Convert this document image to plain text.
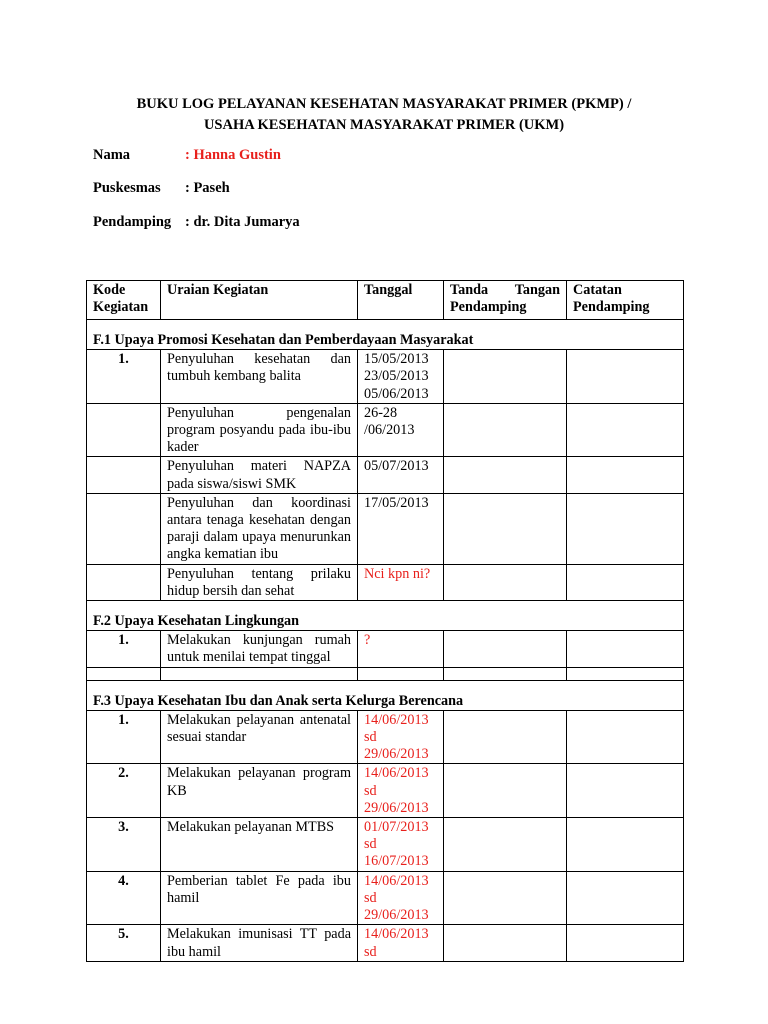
BUKU LOG PELAYANAN KESEHATAN MASYARAKAT PRIMER (PKMP) /
USAHA KESEHATAN MASYARAKAT PRIMER (UKM)
Nama	: Hanna Gustin
Puskesmas : Paseh
Pendamping : dr. Dita Jumarya
Kode Kegiatan	Uraian Kegiatan	Tanggal	Tanda Tangan Pendamping	Catatan Pendamping
F.1 Upaya Promosi Kesehatan dan Pemberdayaan Masyarakat				
1.	Penyuluhan kesehatan dan tumbuh kembang balita	15/05/2013
23/05/2013
05/06/2013		
	Penyuluhan pengenalan program posyandu pada ibu-ibu kader	26-28
/06/2013		
	Penyuluhan materi NAPZA pada siswa/siswi SMK	05/07/2013		
	Penyuluhan dan koordinasi antara tenaga kesehatan dengan paraji dalam upaya menurunkan angka kematian ibu	17/05/2013		
	Penyuluhan tentang prilaku hidup bersih dan sehat	Nci kpn ni?		
F.2 Upaya Kesehatan Lingkungan				
1.	Melakukan kunjungan rumah untuk menilai tempat tinggal	?		

F.3 Upaya Kesehatan Ibu dan Anak serta Kelurga Berencana				
1.	Melakukan pelayanan antenatal sesuai standar	14/06/2013
sd
29/06/2013		
2.	Melakukan pelayanan program KB	14/06/2013
sd
29/06/2013		
3.	Melakukan pelayanan MTBS	01/07/2013
sd
16/07/2013		
4.	Pemberian tablet Fe pada ibu hamil	14/06/2013
sd
29/06/2013		
5.	Melakukan imunisasi TT pada ibu hamil	14/06/2013
sd		
